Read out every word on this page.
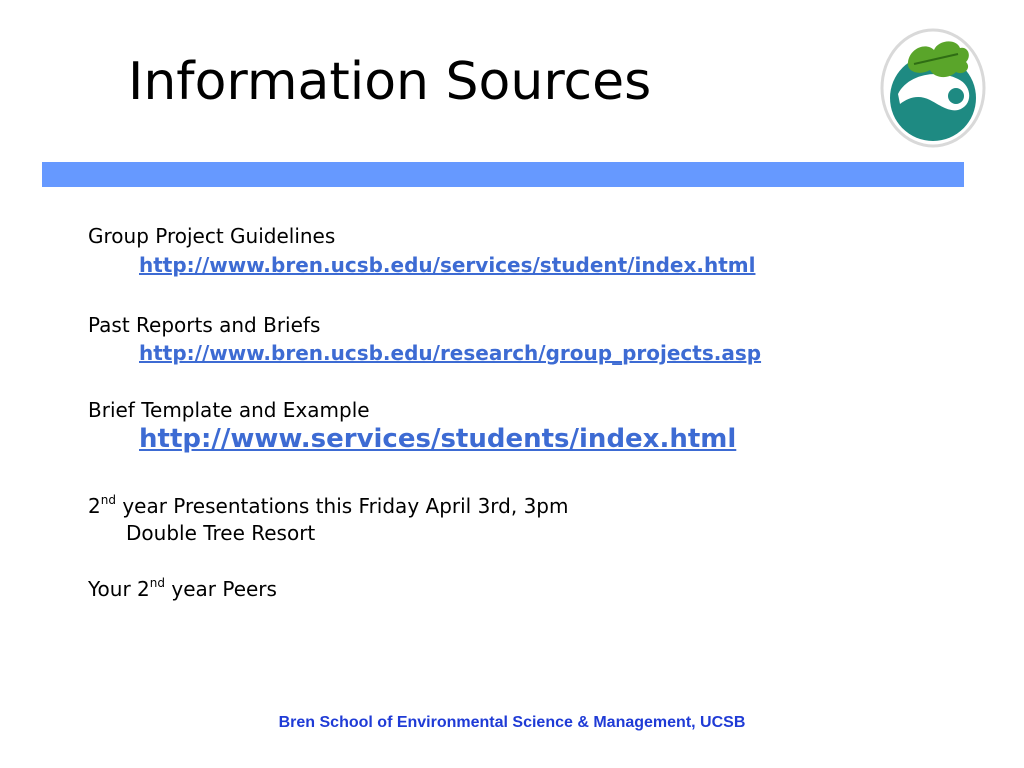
Information Sources
Group Project Guidelines
http://www.bren.ucsb.edu/services/student/index.html
Past Reports and Briefs
http://www.bren.ucsb.edu/research/group_projects.asp
Brief Template and Example
http://www.services/students/index.html
2nd year Presentations this Friday April 3rd, 3pm
Double Tree Resort
Your 2nd year Peers
Bren School of Environmental Science & Management, UCSB
